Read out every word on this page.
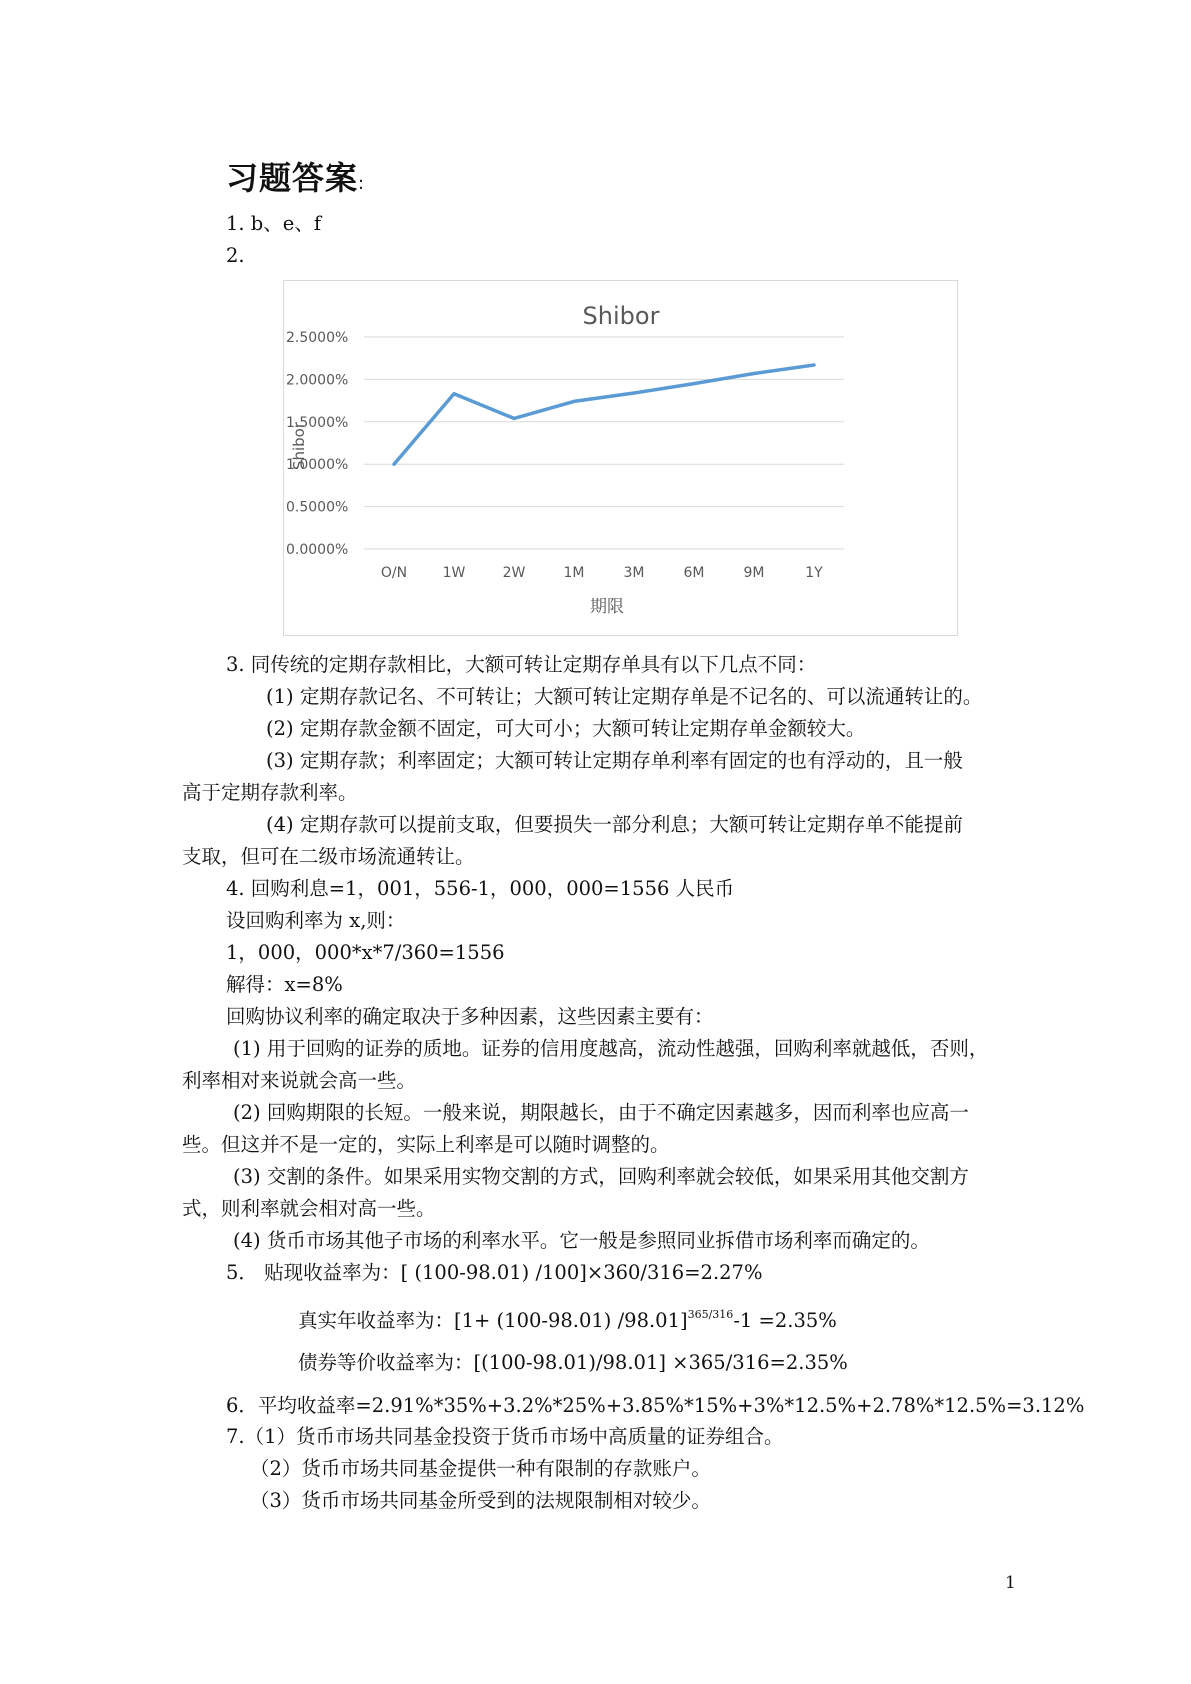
习题答案:
1. b、e、f
2.
Shibor
0.0000%
0.5000%
1.0000%
1.5000%
2.0000%
2.5000%
O/N	1W	2W	1M	3M	6M	9M	1Y
期限
Shibor
3. 同传统的定期存款相比，大额可转让定期存单具有以下几点不同：
(1) 定期存款记名、不可转让；大额可转让定期存单是不记名的、可以流通转让的。
(2) 定期存款金额不固定，可大可小；大额可转让定期存单金额较大。
(3) 定期存款；利率固定；大额可转让定期存单利率有固定的也有浮动的，且一般
高于定期存款利率。
(4) 定期存款可以提前支取，但要损失一部分利息；大额可转让定期存单不能提前
支取，但可在二级市场流通转让。
4. 回购利息=1，001，556-1，000，000=1556 人民币
设回购利率为 x,则：
1，000，000*x*7/360=1556
解得：x=8%
回购协议利率的确定取决于多种因素，这些因素主要有：
(1) 用于回购的证券的质地。证券的信用度越高，流动性越强，回购利率就越低，否则，
利率相对来说就会高一些。
(2) 回购期限的长短。一般来说，期限越长，由于不确定因素越多，因而利率也应高一
些。但这并不是一定的，实际上利率是可以随时调整的。
(3) 交割的条件。如果采用实物交割的方式，回购利率就会较低，如果采用其他交割方
式，则利率就会相对高一些。
(4) 货币市场其他子市场的利率水平。它一般是参照同业拆借市场利率而确定的。
5． 贴现收益率为：[ (100-98.01) /100]×360/316=2.27%
真实年收益率为：[1+ (100-98.01) /98.01]$^{365/316}$-1 =2.35%
债券等价收益率为：[(100-98.01)/98.01] ×365/316=2.35%
6．平均收益率=2.91%*35%+3.2%*25%+3.85%*15%+3%*12.5%+2.78%*12.5%=3.12%
7.（1）货币市场共同基金投资于货币市场中高质量的证券组合。
（2）货币市场共同基金提供一种有限制的存款账户。
（3）货币市场共同基金所受到的法规限制相对较少。
1
